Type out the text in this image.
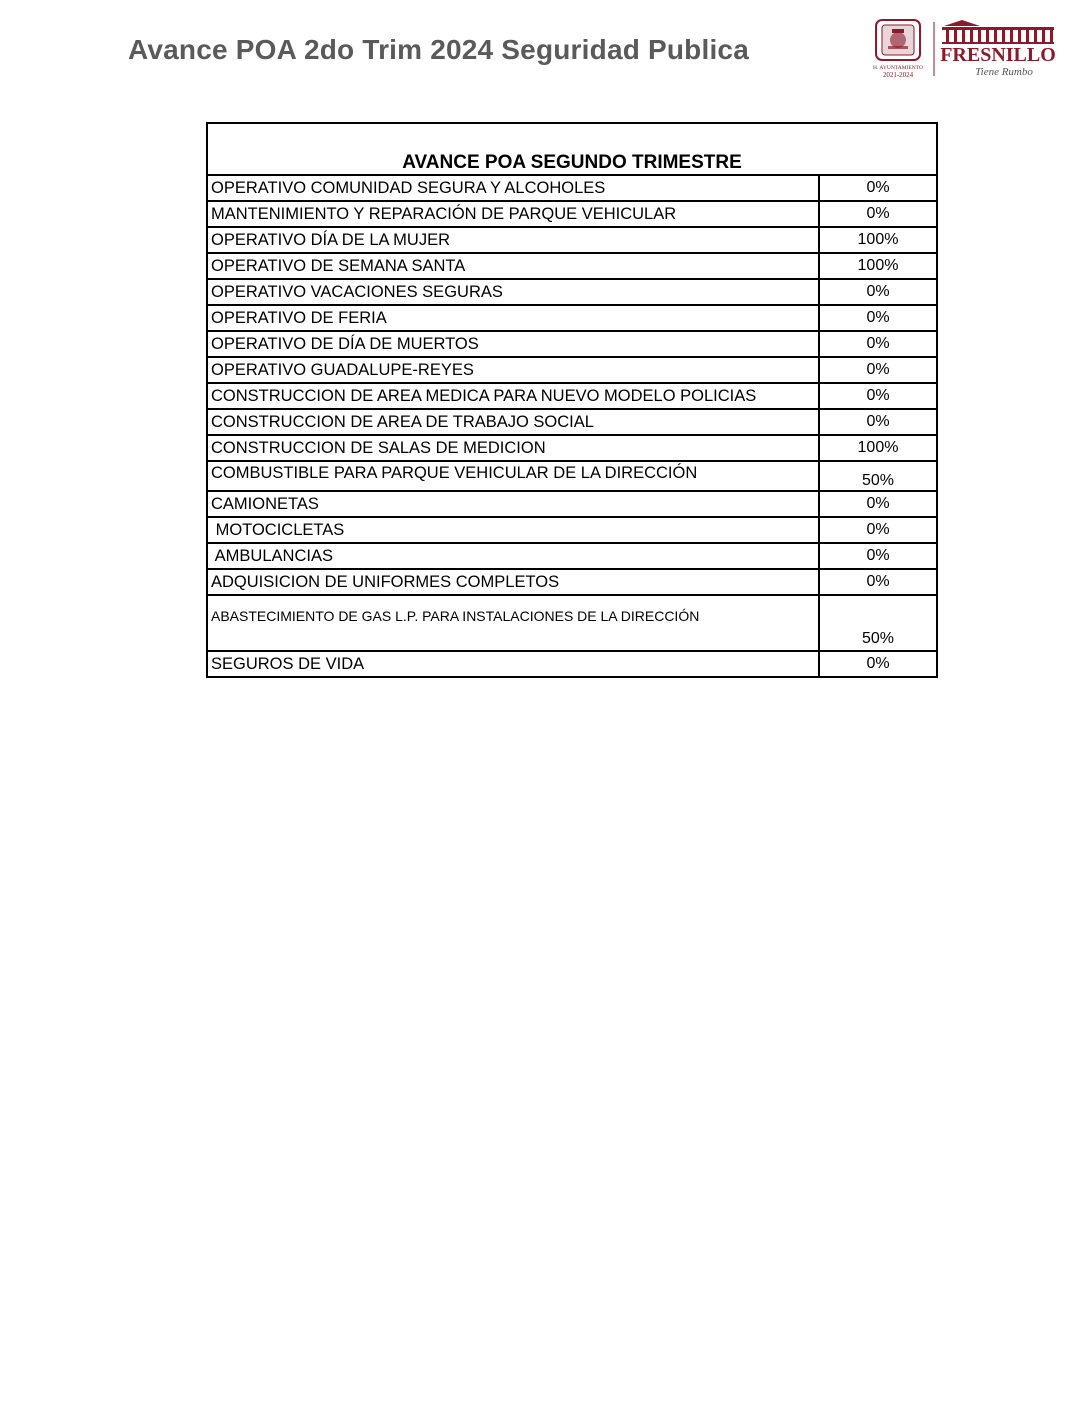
Avance POA 2do Trim 2024 Seguridad Publica
H. AYUNTAMIENTO
2021-2024
FRESNILLO
Tiene Rumbo
AVANCE POA SEGUNDO TRIMESTRE	
OPERATIVO COMUNIDAD SEGURA Y ALCOHOLES	0%
MANTENIMIENTO Y REPARACIÓN DE PARQUE VEHICULAR	0%
OPERATIVO DÍA DE LA MUJER	100%
OPERATIVO DE SEMANA SANTA	100%
OPERATIVO VACACIONES SEGURAS	0%
OPERATIVO DE FERIA	0%
OPERATIVO DE DÍA DE MUERTOS	0%
OPERATIVO GUADALUPE-REYES	0%
CONSTRUCCION DE AREA MEDICA PARA NUEVO MODELO POLICIAS	0%
CONSTRUCCION DE AREA DE TRABAJO SOCIAL	0%
CONSTRUCCION DE SALAS DE MEDICION	100%
COMBUSTIBLE PARA PARQUE VEHICULAR DE LA DIRECCIÓN	50%
CAMIONETAS	0%
MOTOCICLETAS	0%
AMBULANCIAS	0%
ADQUISICION DE UNIFORMES COMPLETOS	0%
ABASTECIMIENTO DE GAS L.P. PARA INSTALACIONES DE LA DIRECCIÓN	50%
SEGUROS DE VIDA	0%
